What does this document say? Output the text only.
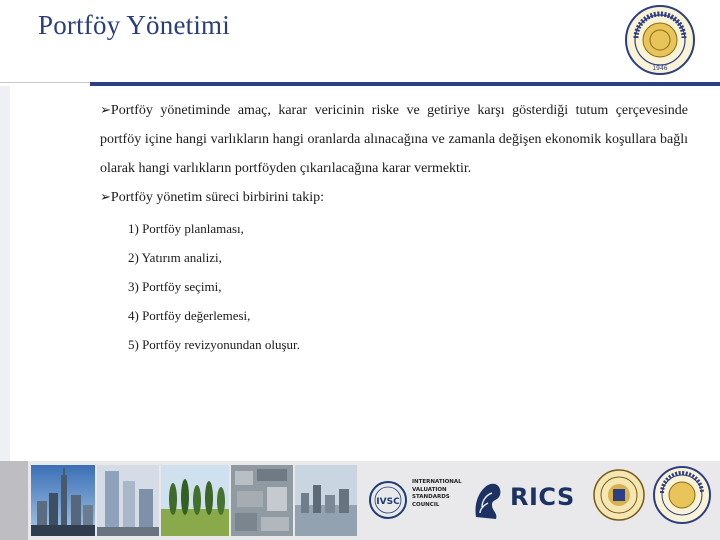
Portföy Yönetimi
1946

➢Portföy yönetiminde amaç, karar vericinin riske ve getiriye karşı gösterdiği tutum çerçevesinde portföy içine hangi varlıkların hangi oranlarda alınacağına ve zamanla değişen ekonomik koşullara bağlı olarak hangi varlıkların portföyden çıkarılacağına karar vermektir.

➢Portföy yönetim süreci birbirini takip:

1) Portföy planlaması,
2) Yatırım analizi,
3) Portföy seçimi,
4) Portföy değerlemesi,
5) Portföy revizyonundan oluşur.
IVSC
INTERNATIONAL
VALUATION
STANDARDS
COUNCIL	RICS
